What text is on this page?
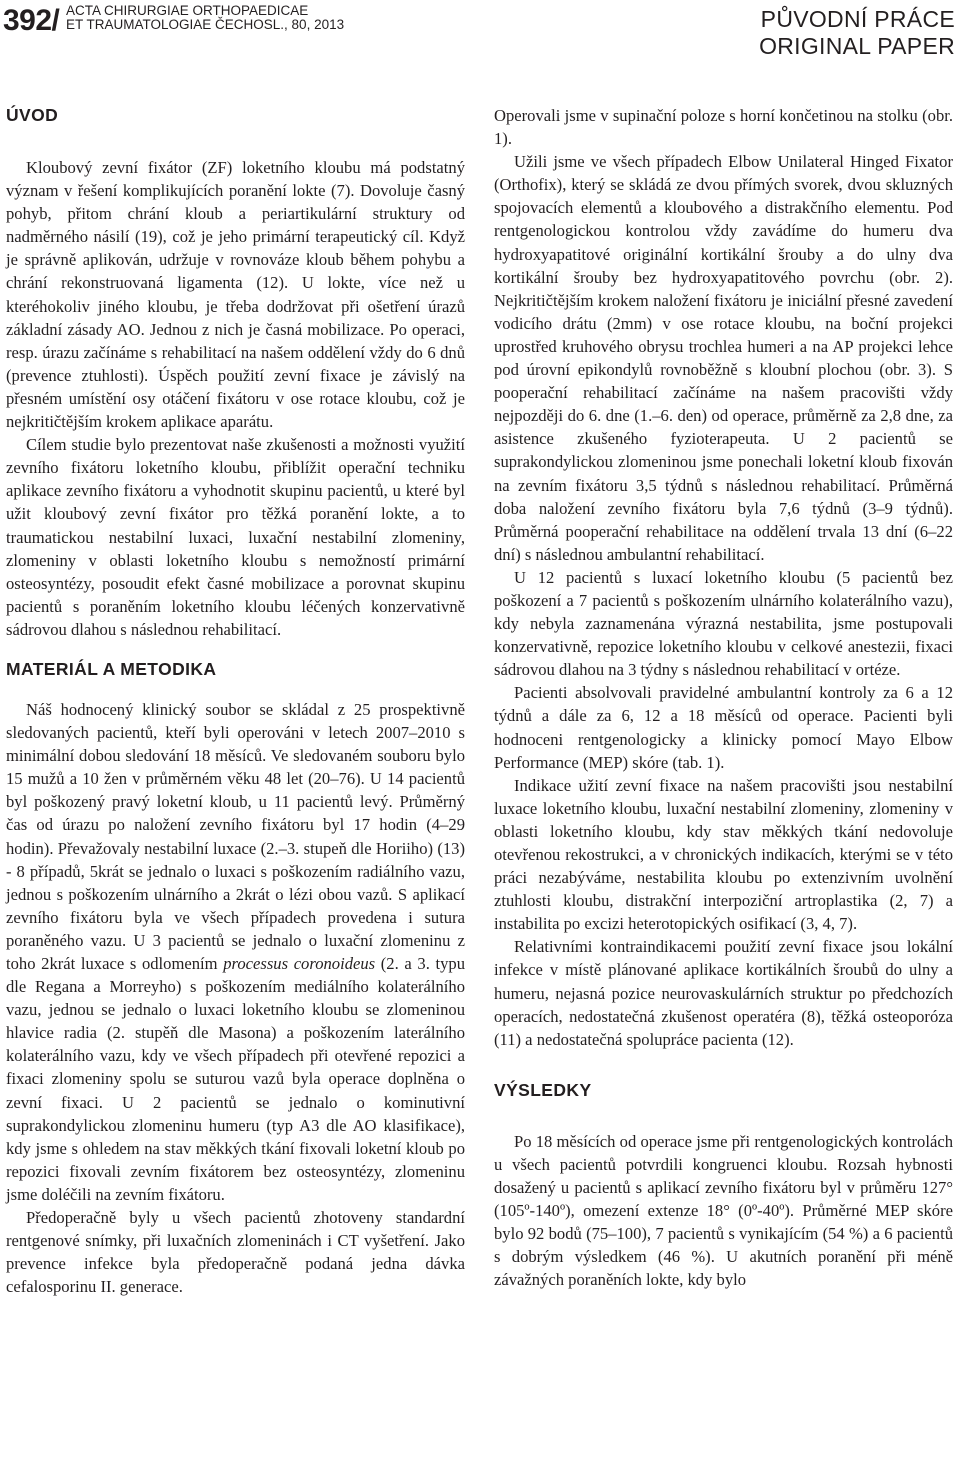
392/ ACTA CHIRURGIAE ORTHOPAEDICAE
ET TRAUMATOLOGIAE ČECHOSL., 80, 2013	PŮVODNÍ PRÁCE
ORIGINAL PAPER
ÚVOD

Kloubový zevní fixátor (ZF) loketního kloubu má podstatný význam v řešení komplikujících poranění lokte (7). Dovoluje časný pohyb, přitom chrání kloub a periartikulární struktury od nadměrného násilí (19), což je jeho primární terapeutický cíl. Když je správně aplikován, udržuje v rovnováze kloub během pohybu a chrání rekonstruovaná ligamenta (12). U lokte, více než u kteréhokoliv jiného kloubu, je třeba dodržovat při ošetření úrazů základní zásady AO. Jednou z nich je časná mobilizace. Po operaci, resp. úrazu začínáme s rehabilitací na našem oddělení vždy do 6 dnů (prevence ztuhlosti). Úspěch použití zevní fixace je závislý na přesném umístění osy otáčení fixátoru v ose rotace kloubu, což je nejkritičtějším krokem aplikace aparátu.

Cílem studie bylo prezentovat naše zkušenosti a možnosti využití zevního fixátoru loketního kloubu, přiblížit operační techniku aplikace zevního fixátoru a vyhodnotit skupinu pacientů, u které byl užit kloubový zevní fixátor pro těžká poranění lokte, a to traumatickou nestabilní luxaci, luxační nestabilní zlomeniny, zlomeniny v oblasti loketního kloubu s nemožností primární osteosyntézy, posoudit efekt časné mobilizace a porovnat skupinu pacientů s poraněním loketního kloubu léčených konzervativně sádrovou dlahou s následnou rehabilitací.

MATERIÁL A METODIKA

Náš hodnocený klinický soubor se skládal z 25 prospektivně sledovaných pacientů, kteří byli operováni v letech 2007–2010 s minimální dobou sledování 18 měsíců. Ve sledovaném souboru bylo 15 mužů a 10 žen v průměrném věku 48 let (20–76). U 14 pacientů byl poškozený pravý loketní kloub, u 11 pacientů levý. Průměrný čas od úrazu po naložení zevního fixátoru byl 17 hodin (4–29 hodin). Převažovaly nestabilní luxace (2.–3. stupeň dle Horiiho) (13) - 8 případů, 5krát se jednalo o luxaci s poškozením radiálního vazu, jednou s poškozením ulnárního a 2krát o lézi obou vazů. S aplikací zevního fixátoru byla ve všech případech provedena i sutura poraněného vazu. U 3 pacientů se jednalo o luxační zlomeninu z toho 2krát luxace s odlomením processus coronoideus (2. a 3. typu dle Regana a Morreyho) s poškozením mediálního kolaterálního vazu, jednou se jednalo o luxaci loketního kloubu se zlomeninou hlavice radia (2. stupěň dle Masona) a poškozením laterálního kolaterálního vazu, kdy ve všech případech při otevřené repozici a fixaci zlomeniny spolu se suturou vazů byla operace doplněna o zevní fixaci. U 2 pacientů se jednalo o kominutivní suprakondylickou zlomeninu humeru (typ A3 dle AO klasifikace), kdy jsme s ohledem na stav měkkých tkání fixovali loketní kloub po repozici fixovali zevním fixátorem bez osteosyntézy, zlomeninu jsme doléčili na zevním fixátoru.

Předoperačně byly u všech pacientů zhotoveny standardní rentgenové snímky, při luxačních zlomeninách i CT vyšetření. Jako prevence infekce byla předoperačně podaná jedna dávka cefalosporinu II. generace.

Operovali jsme v supinační poloze s horní končetinou na stolku (obr. 1).

Užili jsme ve všech případech Elbow Unilateral Hinged Fixator (Orthofix), který se skládá ze dvou přímých svorek, dvou skluzných spojovacích elementů a kloubového a distrakčního elementu. Pod rentgenologickou kontrolou vždy zavádíme do humeru dva hydroxyapatitové originální kortikální šrouby a do ulny dva kortikální šrouby bez hydroxyapatitového povrchu (obr. 2). Nejkritičtějším krokem naložení fixátoru je iniciální přesné zavedení vodicího drátu (2mm) v ose rotace kloubu, na boční projekci uprostřed kruhového obrysu trochlea humeri a na AP projekci lehce pod úrovní epikondylů rovnoběžně s kloubní plochou (obr. 3). S pooperační rehabilitací začínáme na našem pracovišti vždy nejpozději do 6. dne (1.–6. den) od operace, průměrně za 2,8 dne, za asistence zkušeného fyzioterapeuta. U 2 pacientů se suprakondylickou zlomeninou jsme ponechali loketní kloub fixován na zevním fixátoru 3,5 týdnů s následnou rehabilitací. Průměrná doba naložení zevního fixátoru byla 7,6 týdnů (3–9 týdnů). Průměrná pooperační rehabilitace na oddělení trvala 13 dní (6–22 dní) s následnou ambulantní rehabilitací.

U 12 pacientů s luxací loketního kloubu (5 pacientů bez poškození a 7 pacientů s poškozením ulnárního kolaterálního vazu), kdy nebyla zaznamenána výrazná nestabilita, jsme postupovali konzervativně, repozice loketního kloubu v celkové anestezii, fixaci sádrovou dlahou na 3 týdny s následnou rehabilitací v ortéze.

Pacienti absolvovali pravidelné ambulantní kontroly za 6 a 12 týdnů a dále za 6, 12 a 18 měsíců od operace. Pacienti byli hodnoceni rentgenologicky a klinicky pomocí Mayo Elbow Performance (MEP) skóre (tab. 1).

Indikace užití zevní fixace na našem pracovišti jsou nestabilní luxace loketního kloubu, luxační nestabilní zlomeniny, zlomeniny v oblasti loketního kloubu, kdy stav měkkých tkání nedovoluje otevřenou rekostrukci, a v chronických indikacích, kterými se v této práci nezabýváme, nestabilita kloubu po extenzivním uvolnění ztuhlosti kloubu, distrakční interpoziční artroplastika (2, 7) a instabilita po excizi heterotopických osifikací (3, 4, 7).

Relativními kontraindikacemi použití zevní fixace jsou lokální infekce v místě plánované aplikace kortikálních šroubů do ulny a humeru, nejasná pozice neurovaskulárních struktur po předchozích operacích, nedostatečná zkušenost operatéra (8), těžká osteoporóza (11) a nedostatečná spolupráce pacienta (12).

VÝSLEDKY

Po 18 měsících od operace jsme při rentgenologických kontrolách u všech pacientů potvrdili kongruenci kloubu. Rozsah hybnosti dosažený u pacientů s aplikací zevního fixátoru byl v průměru 127° (105º-140º), omezení extenze 18° (0º-40º). Průměrné MEP skóre bylo 92 bodů (75–100), 7 pacientů s vynikajícím (54 %) a 6 pacientů s dobrým výsledkem (46 %). U akutních poranění při méně závažných poraněních lokte, kdy bylo
